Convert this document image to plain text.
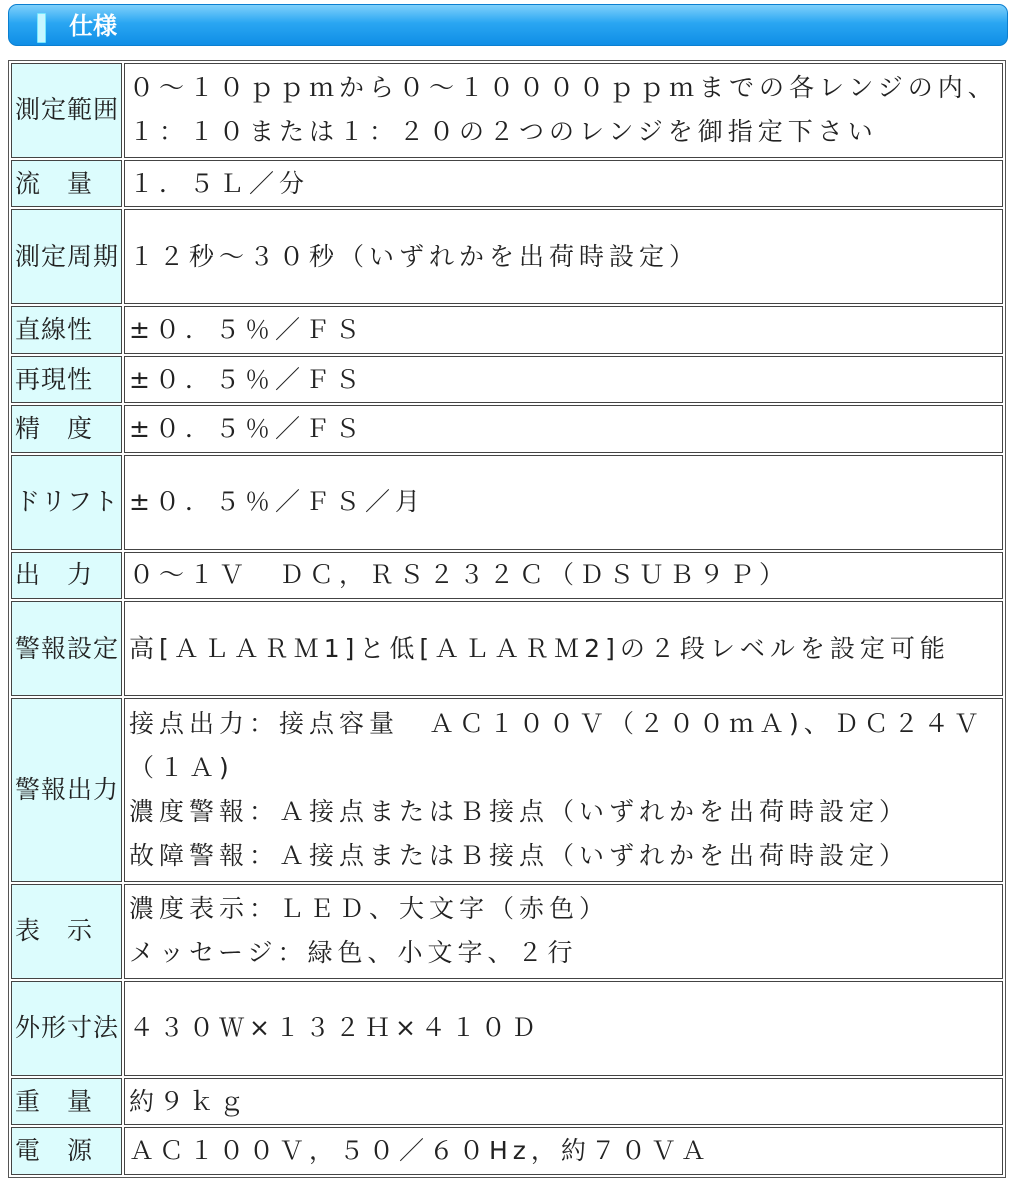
仕様
測定範囲	０～１０ｐｐｍから０～１００００ｐｐｍまでの各レンジの内、
１：１０または１：２０の２つのレンジを御指定下さい

流　量	１．５Ｌ／分

測定周期	１２秒～３０秒（いずれかを出荷時設定）

直線性	±０．５％／ＦＳ

再現性	±０．５％／ＦＳ

精　度	±０．５％／ＦＳ

ドリフト	±０．５％／ＦＳ／月

出　力	０～１Ｖ　ＤＣ，ＲＳ２３２Ｃ（ＤＳＵＢ９Ｐ）

警報設定	高[ＡＬＡＲＭ1]と低[ＡＬＡＲＭ2]の２段レベルを設定可能

警報出力	接点出力：接点容量　ＡＣ１００Ｖ（２００ｍＡ)、ＤＣ２４Ｖ（１Ａ)
濃度警報：Ａ接点またはＢ接点（いずれかを出荷時設定）
故障警報：Ａ接点またはＢ接点（いずれかを出荷時設定）

表　示	濃度表示：ＬＥＤ、大文字（赤色）
メッセージ：緑色、小文字、２行

外形寸法	４３０Ｗ×１３２Ｈ×４１０Ｄ

重　量	約９ｋｇ

電　源	ＡＣ１００Ｖ，５０／６０Hz，約７０ＶＡ
